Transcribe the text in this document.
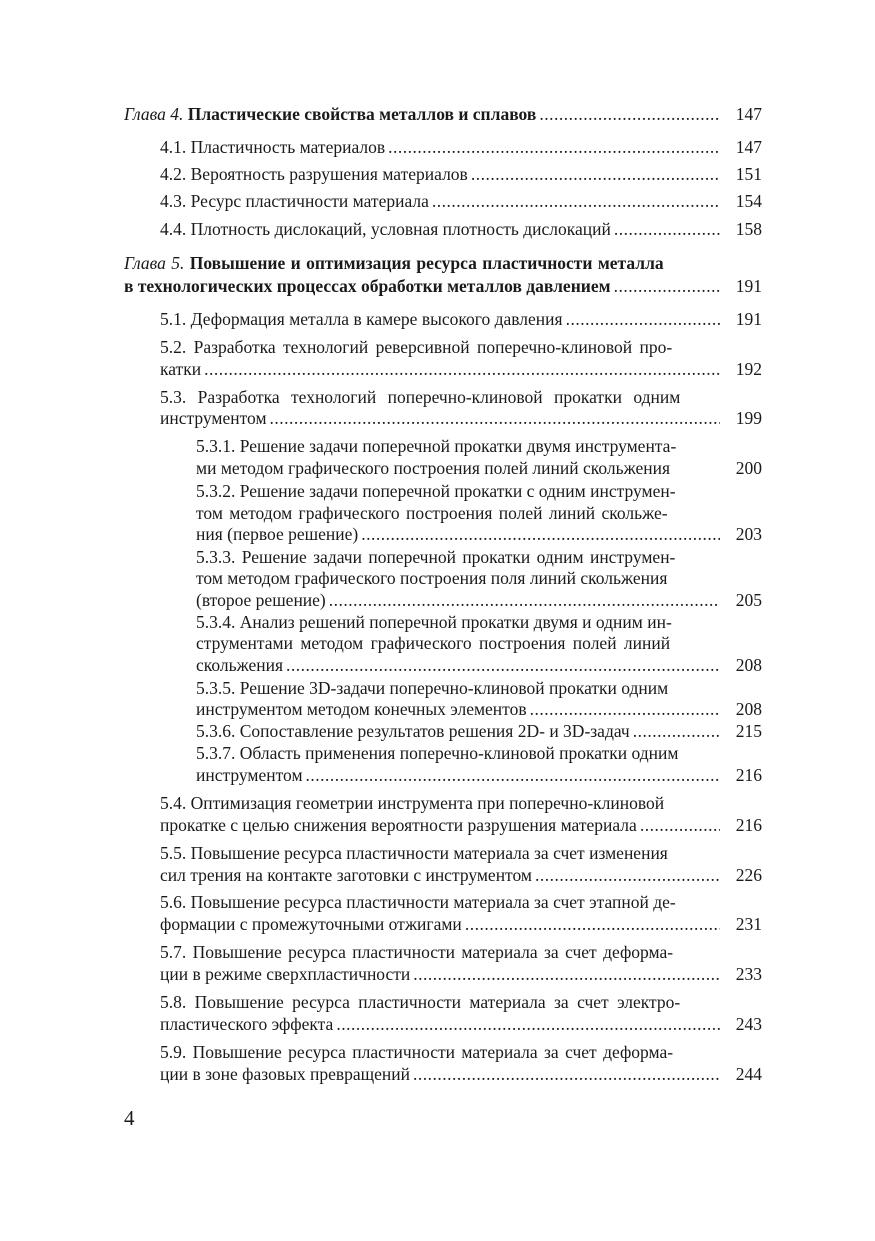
Глава 4. Пластические свойства металлов и сплавов .....	147
4.1. Пластичность материалов .....	147
4.2. Вероятность разрушения материалов .....	151
4.3. Ресурс пластичности материала .....	154
4.4. Плотность дислокаций, условная плотность дислокаций .....	158
Глава 5. Повышение и оптимизация ресурса пластичности металла
в технологических процессах обработки металлов давлением .....	191
5.1. Деформация металла в камере высокого давления .....	191
5.2. Разработка технологий реверсивной поперечно-клиновой про-
катки .....	192
5.3. Разработка технологий поперечно-клиновой прокатки одним
инструментом .....	199
5.3.1. Решение задачи поперечной прокатки двумя инструмента-
ми методом графического построения полей линий скольжения	200
5.3.2. Решение задачи поперечной прокатки с одним инструмен-
том методом графического построения полей линий скольже-
ния (первое решение) .....	203
5.3.3. Решение задачи поперечной прокатки одним инструмен-
том методом графического построения поля линий скольжения
(второе решение) .....	205
5.3.4. Анализ решений поперечной прокатки двумя и одним ин-
струментами методом графического построения полей линий
скольжения .....	208
5.3.5. Решение 3D-задачи поперечно-клиновой прокатки одним
инструментом методом конечных элементов .....	208
5.3.6. Сопоставление результатов решения 2D- и 3D-задач .....	215
5.3.7. Область применения поперечно-клиновой прокатки одним
инструментом .....	216
5.4. Оптимизация геометрии инструмента при поперечно-клиновой
прокатке с целью снижения вероятности разрушения материала .....	216
5.5. Повышение ресурса пластичности материала за счет изменения
сил трения на контакте заготовки с инструментом .....	226
5.6. Повышение ресурса пластичности материала за счет этапной де-
формации с промежуточными отжигами .....	231
5.7. Повышение ресурса пластичности материала за счет деформа-
ции в режиме сверхпластичности .....	233
5.8. Повышение ресурса пластичности материала за счет электро-
пластического эффекта .....	243
5.9. Повышение ресурса пластичности материала за счет деформа-
ции в зоне фазовых превращений .....	244
4
